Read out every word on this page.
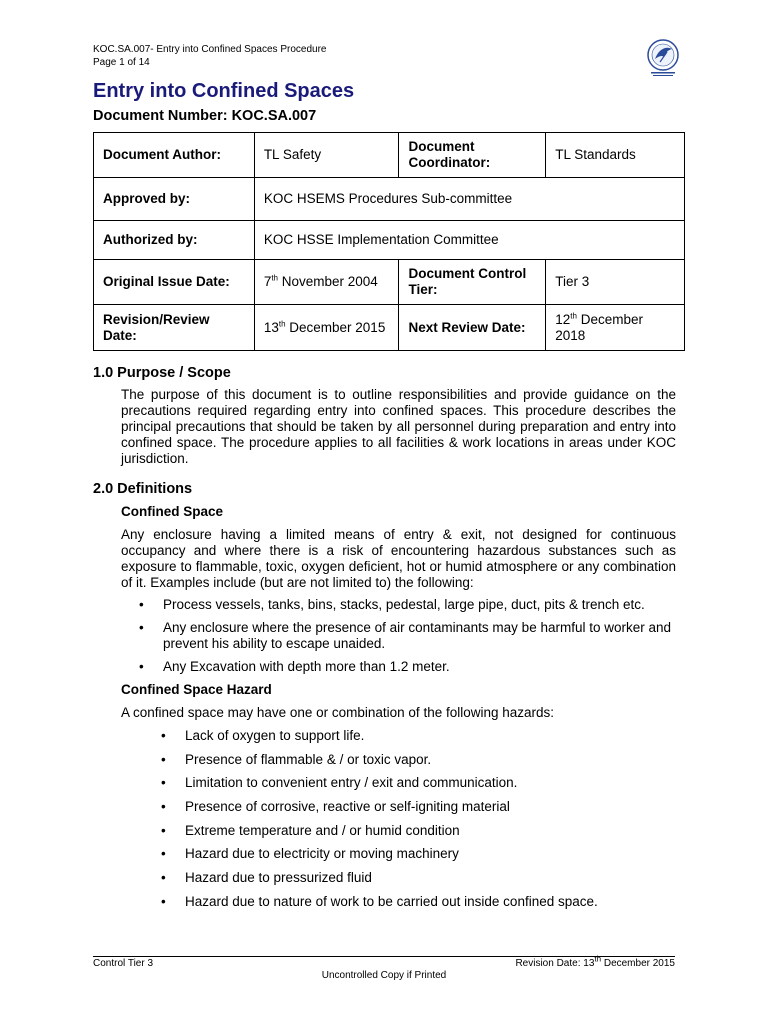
KOC.SA.007- Entry into Confined Spaces Procedure
Page 1 of 14
Entry into Confined Spaces
Document Number: KOC.SA.007
Document Author:	TL Safety	Document Coordinator:	TL Standards
Approved by:	KOC HSEMS Procedures Sub-committee		
Authorized by:	KOC HSSE Implementation Committee		
Original Issue Date:	7th November 2004	Document Control Tier:	Tier 3
Revision/Review Date:	13th December 2015	Next Review Date:	12th December 2018
1.0 Purpose / Scope
The purpose of this document is to outline responsibilities and provide guidance on the precautions required regarding entry into confined spaces. This procedure describes the principal precautions that should be taken by all personnel during preparation and entry into confined space. The procedure applies to all facilities & work locations in areas under KOC jurisdiction.
2.0 Definitions
Confined Space
Any enclosure having a limited means of entry & exit, not designed for continuous occupancy and where there is a risk of encountering hazardous substances such as exposure to flammable, toxic, oxygen deficient, hot or humid atmosphere or any combination of it. Examples include (but are not limited to) the following:
• Process vessels, tanks, bins, stacks, pedestal, large pipe, duct, pits & trench etc.
• Any enclosure where the presence of air contaminants may be harmful to worker and prevent his ability to escape unaided.
• Any Excavation with depth more than 1.2 meter.
Confined Space Hazard
A confined space may have one or combination of the following hazards:
• Lack of oxygen to support life.
• Presence of flammable & / or toxic vapor.
• Limitation to convenient entry / exit and communication.
• Presence of corrosive, reactive or self-igniting material
• Extreme temperature and / or humid condition
• Hazard due to electricity or moving machinery
• Hazard due to pressurized fluid
• Hazard due to nature of work to be carried out inside confined space.
Control Tier 3	Revision Date: 13th December 2015
Uncontrolled Copy if Printed
